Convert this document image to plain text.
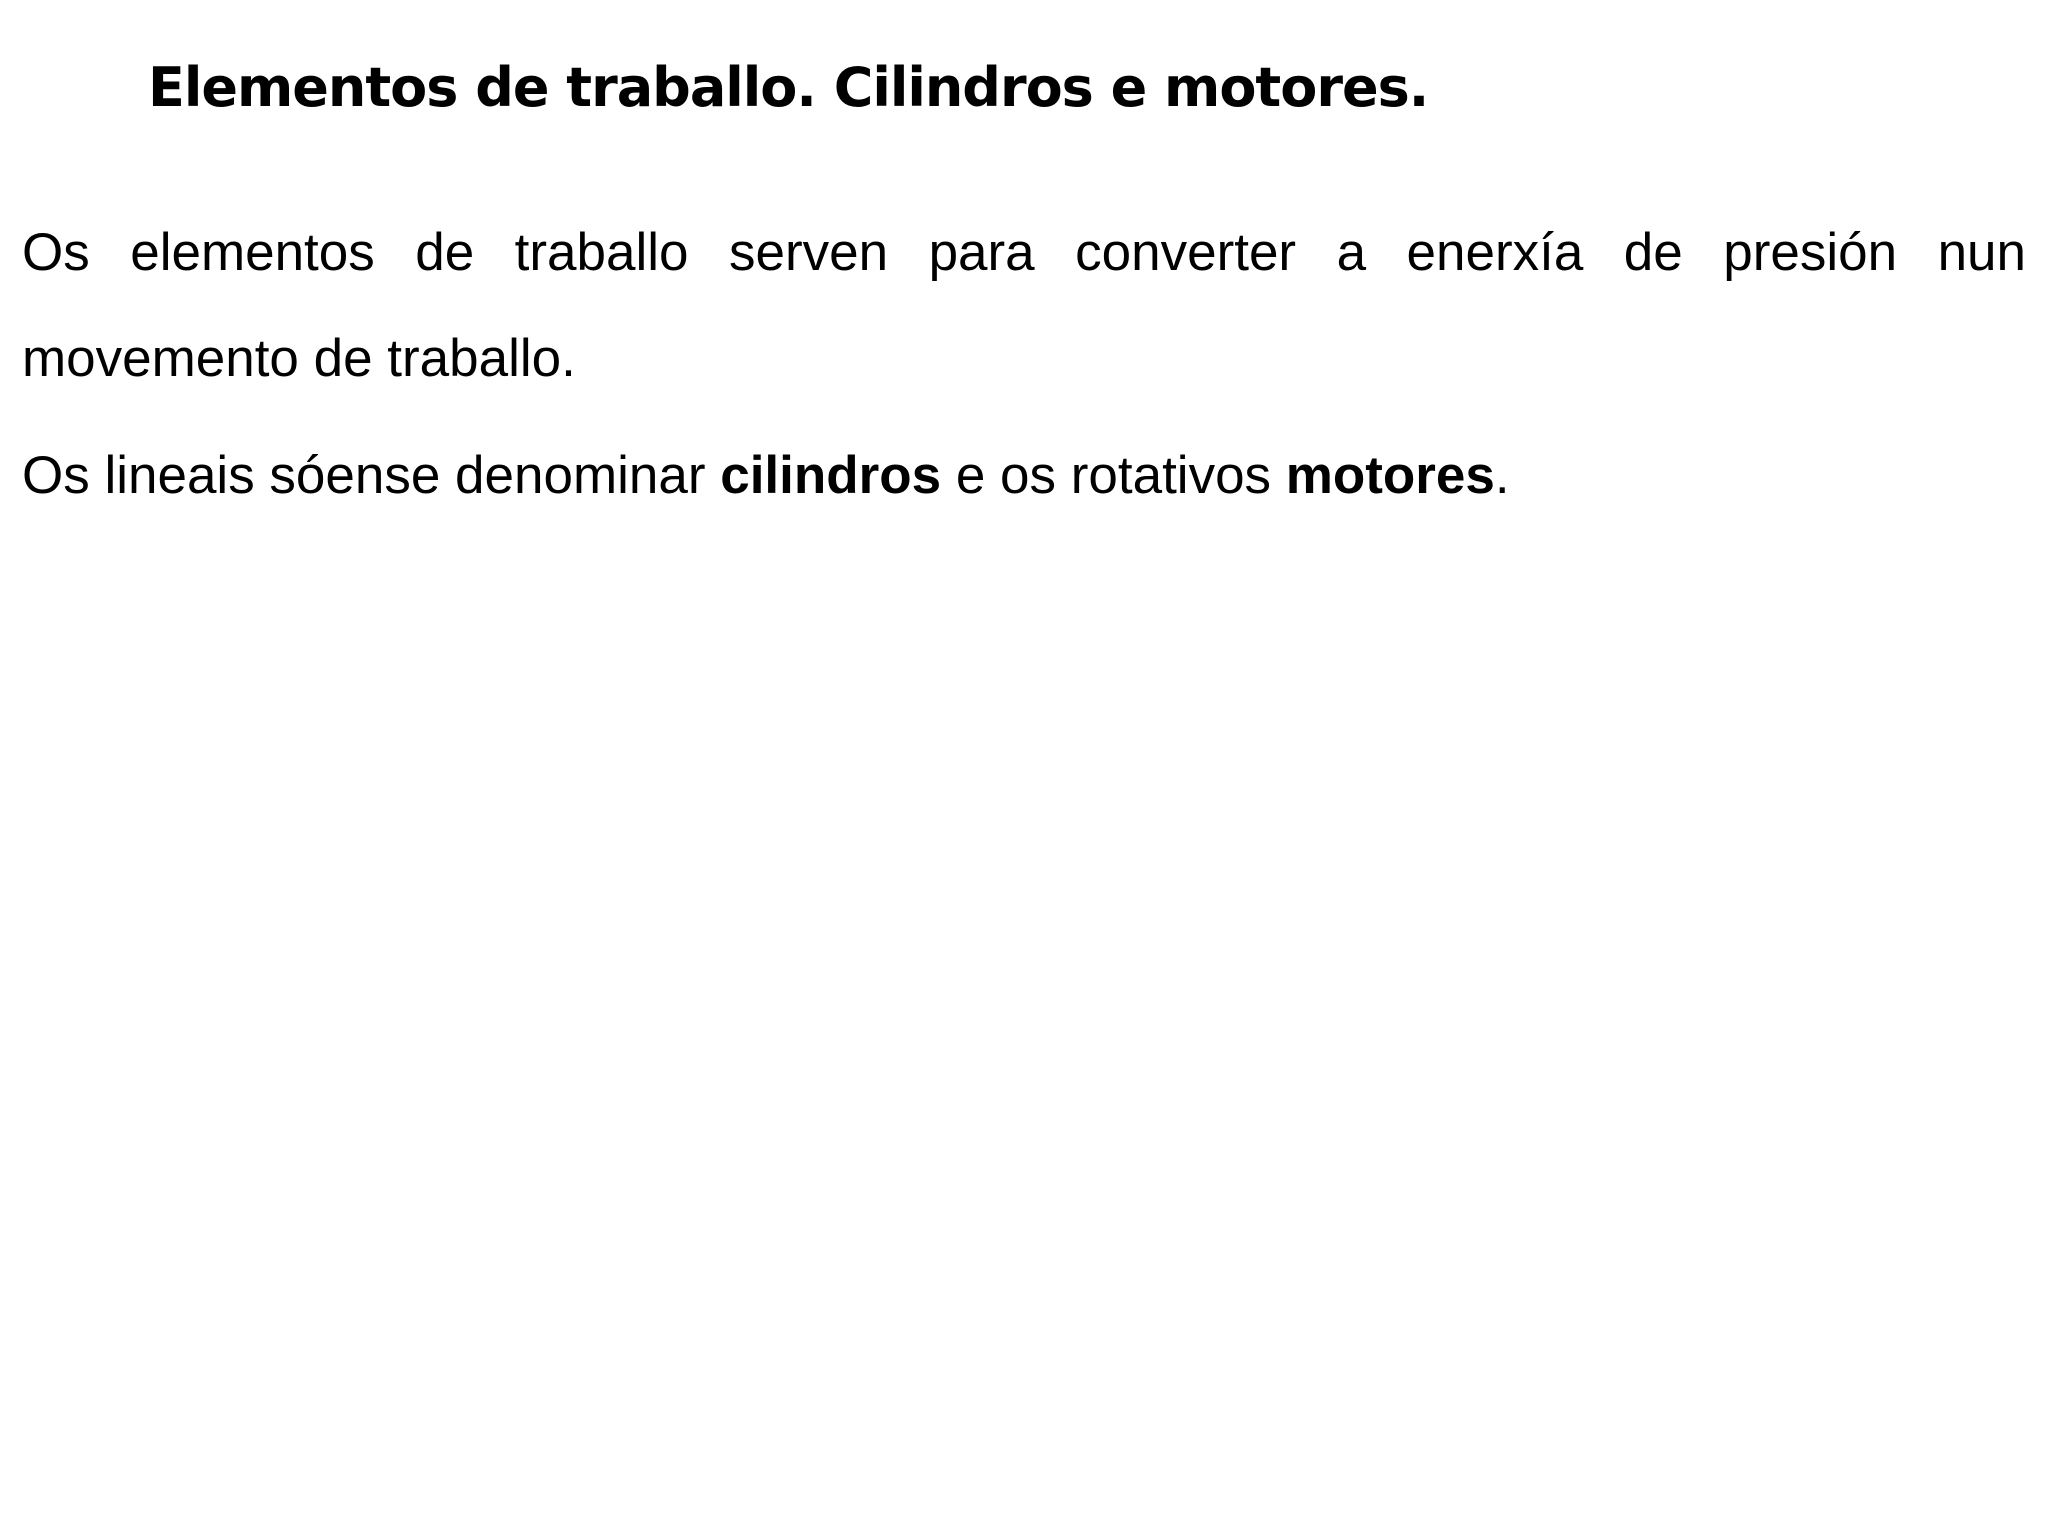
Elementos de traballo. Cilindros e motores.

Os elementos de traballo serven para converter a enerxía de presión nun movemento de traballo.

Os lineais sóense denominar cilindros e os rotativos motores.
